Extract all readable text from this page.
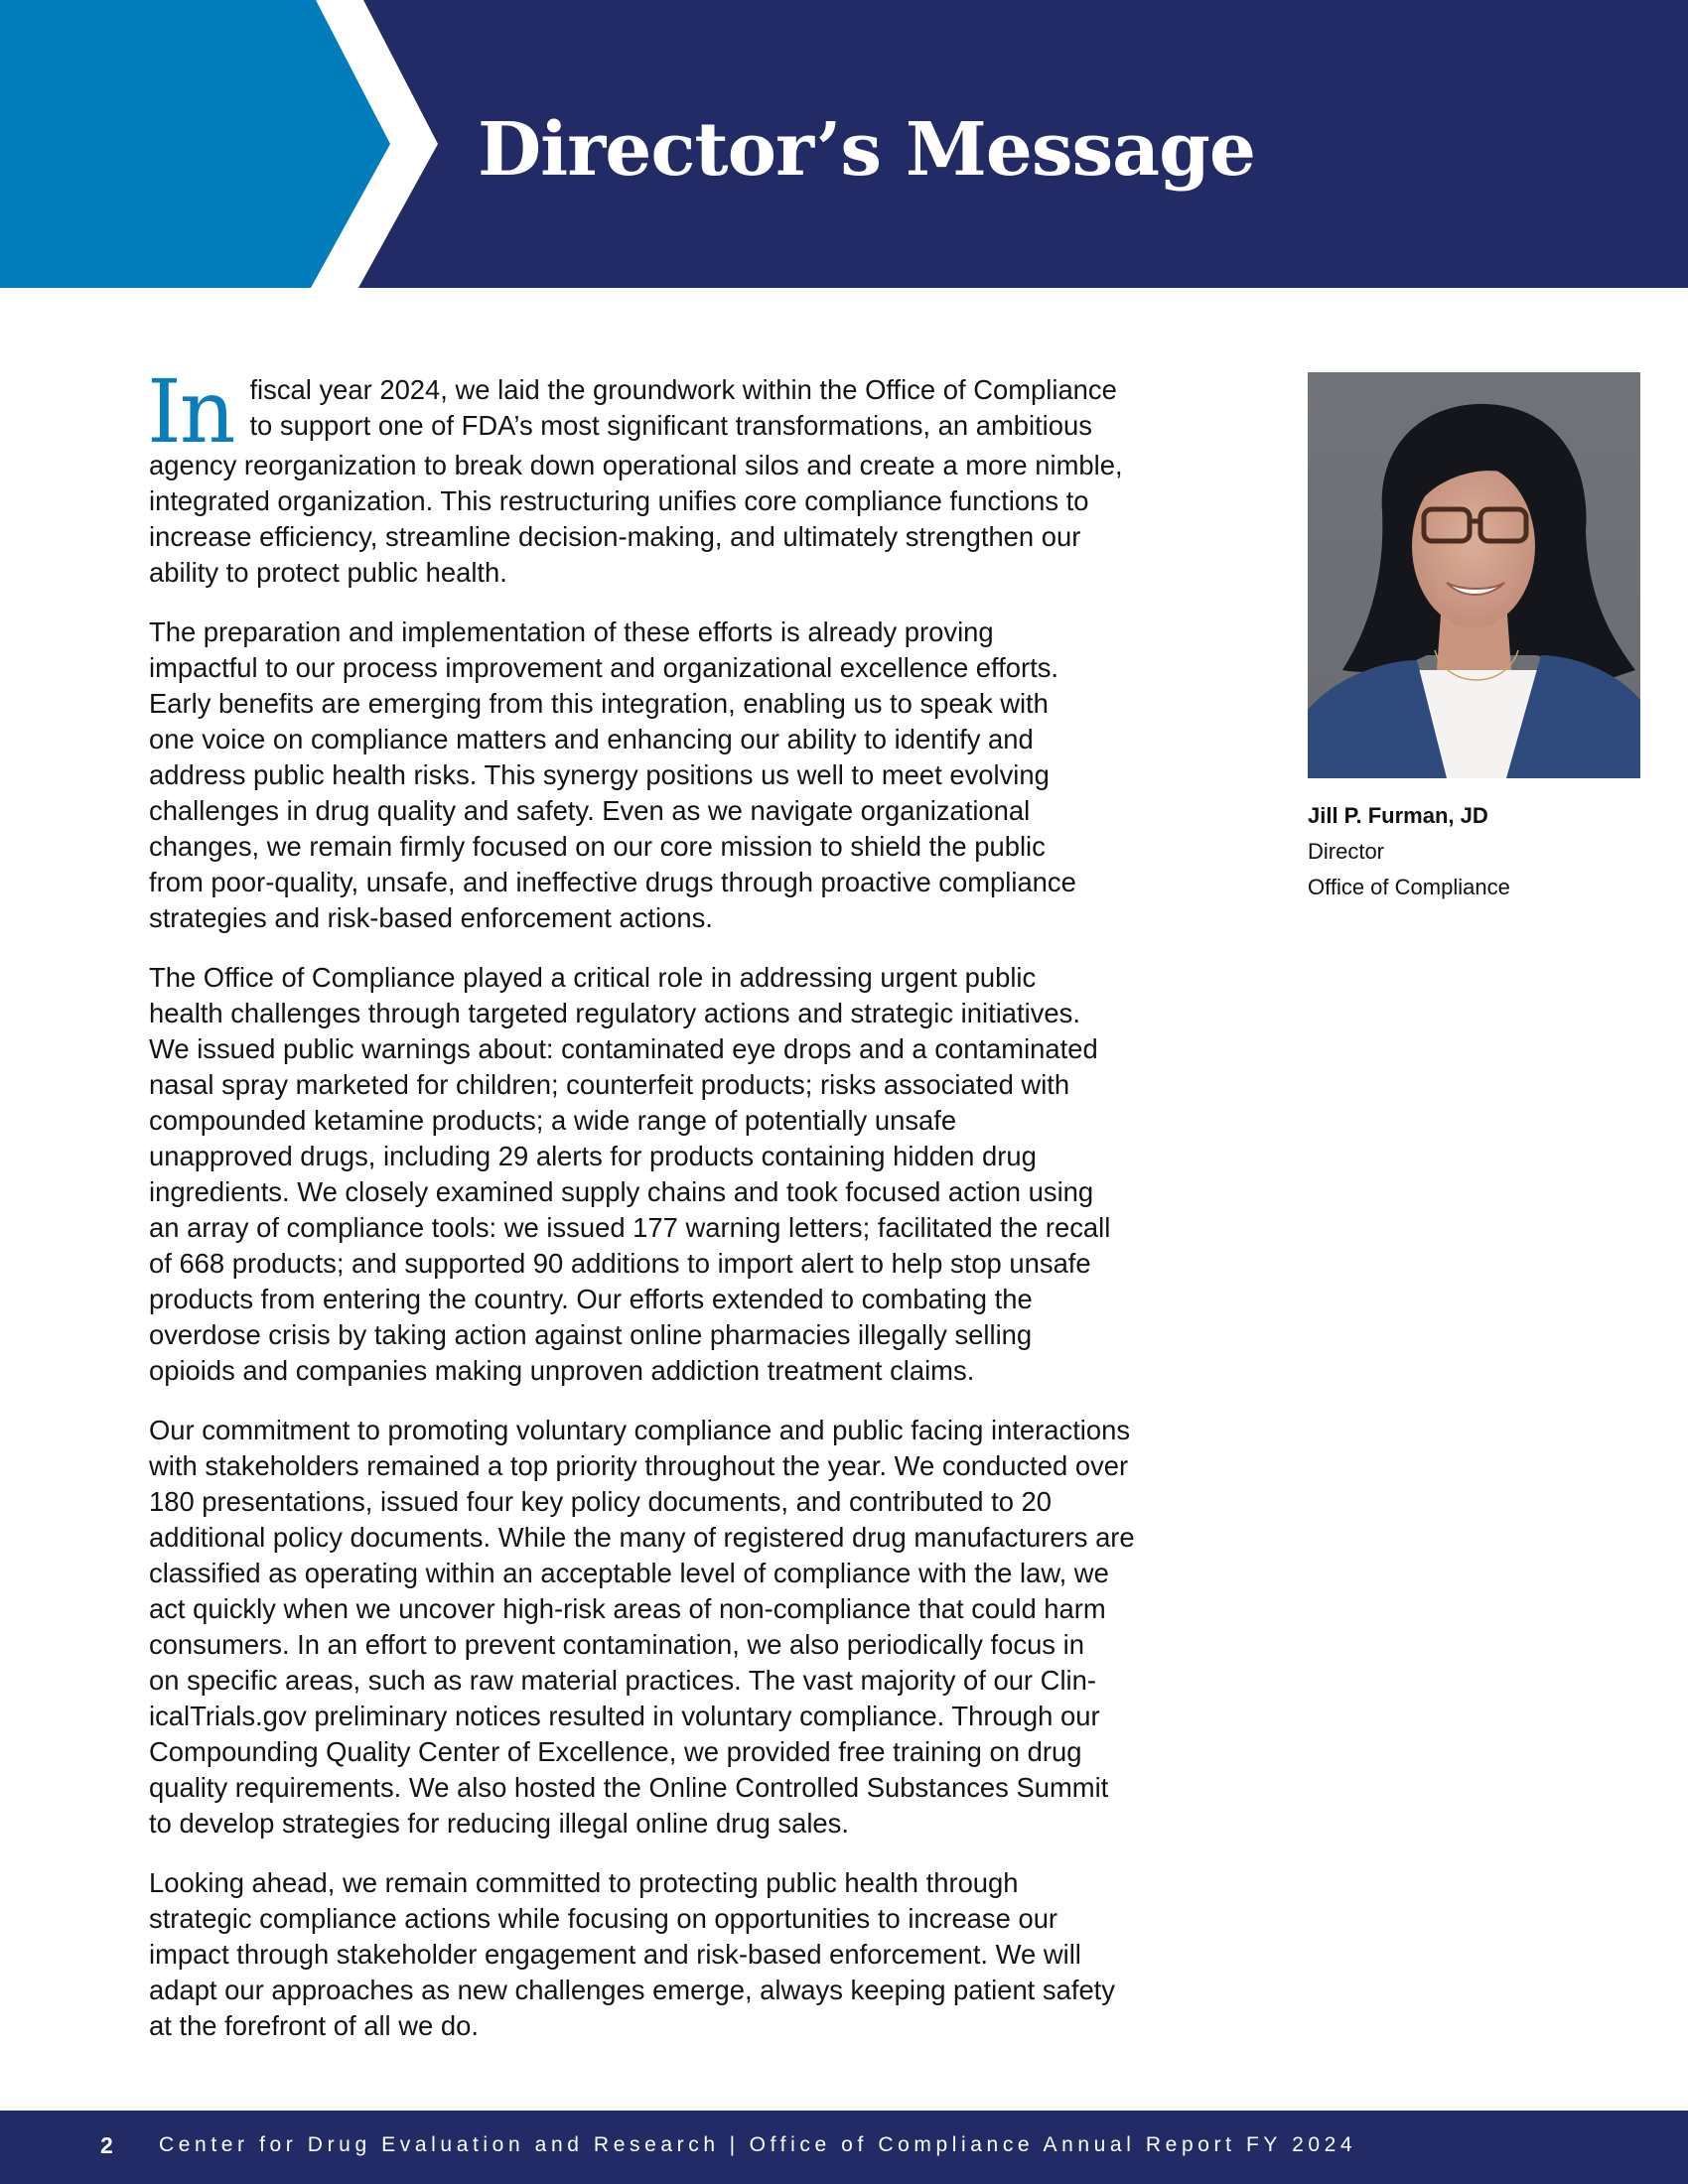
Director’s Message

In fiscal year 2024, we laid the groundwork within the Office of Compliance
to support one of FDA’s most significant transformations, an ambitious
agency reorganization to break down operational silos and create a more nimble,
integrated organization. This restructuring unifies core compliance functions to
increase efficiency, streamline decision-making, and ultimately strengthen our
ability to protect public health.

The preparation and implementation of these efforts is already proving
impactful to our process improvement and organizational excellence efforts.
Early benefits are emerging from this integration, enabling us to speak with
one voice on compliance matters and enhancing our ability to identify and
address public health risks. This synergy positions us well to meet evolving
challenges in drug quality and safety. Even as we navigate organizational
changes, we remain firmly focused on our core mission to shield the public
from poor-quality, unsafe, and ineffective drugs through proactive compliance
strategies and risk-based enforcement actions.

The Office of Compliance played a critical role in addressing urgent public
health challenges through targeted regulatory actions and strategic initiatives.
We issued public warnings about: contaminated eye drops and a contaminated
nasal spray marketed for children; counterfeit products; risks associated with
compounded ketamine products; a wide range of potentially unsafe
unapproved drugs, including 29 alerts for products containing hidden drug
ingredients. We closely examined supply chains and took focused action using
an array of compliance tools: we issued 177 warning letters; facilitated the recall
of 668 products; and supported 90 additions to import alert to help stop unsafe
products from entering the country. Our efforts extended to combating the
overdose crisis by taking action against online pharmacies illegally selling
opioids and companies making unproven addiction treatment claims.

Our commitment to promoting voluntary compliance and public facing interactions
with stakeholders remained a top priority throughout the year. We conducted over
180 presentations, issued four key policy documents, and contributed to 20
additional policy documents. While the many of registered drug manufacturers are
classified as operating within an acceptable level of compliance with the law, we
act quickly when we uncover high-risk areas of non-compliance that could harm
consumers. In an effort to prevent contamination, we also periodically focus in
on specific areas, such as raw material practices. The vast majority of our Clin-
icalTrials.gov preliminary notices resulted in voluntary compliance. Through our
Compounding Quality Center of Excellence, we provided free training on drug
quality requirements. We also hosted the Online Controlled Substances Summit
to develop strategies for reducing illegal online drug sales.

Looking ahead, we remain committed to protecting public health through
strategic compliance actions while focusing on opportunities to increase our
impact through stakeholder engagement and risk-based enforcement. We will
adapt our approaches as new challenges emerge, always keeping patient safety
at the forefront of all we do.

Jill P. Furman, JD
Director
Office of Compliance
2 Center for Drug Evaluation and Research | Office of Compliance Annual Report FY 2024
